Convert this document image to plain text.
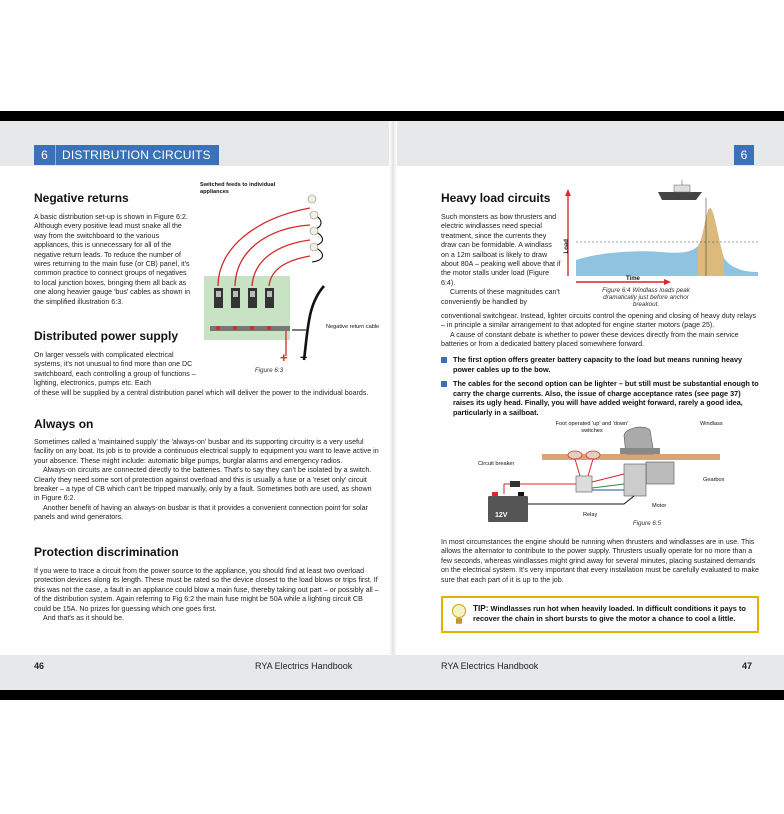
6	DISTRIBUTION CIRCUITS	6
Negative returns

A basic distribution set-up is shown in Figure 6:2. Although every positive lead must snake all the way from the switchboard to the various appliances, this is unnecessary for all of the negative return leads. To reduce the number of wires returning to the main fuse (or CB) panel, it's common practice to connect groups of negatives to local junction boxes, bringing them all back as one along heavier gauge 'bus' cables as shown in the simplified illustration 6:3.

Distributed power supply

On larger vessels with complicated electrical systems, it's not unusual to find more than one DC switchboard, each controlling a group of functions – lighting, electronics, pumps etc. Each

of these will be supplied by a central distribution panel which will deliver the power to the individual boards.

Always on

Sometimes called a 'maintained supply' the 'always-on' busbar and its supporting circuitry is a very useful facility on any boat. Its job is to provide a continuous electrical supply to equipment you want to leave active in your absence. These might include: automatic bilge pumps, burglar alarms and emergency radios.

Always-on circuits are connected directly to the batteries. That's to say they can't be isolated by a switch. Clearly they need some sort of protection against overload and this is usually a fuse or a 'reset only' circuit breaker – a type of CB which can't be tripped manually, only by a fault. Sometimes both are used, as shown in Figure 6:2.

Another benefit of having an always-on busbar is that it provides a convenient connection point for solar panels and wind generators.

Protection discrimination

If you were to trace a circuit from the power source to the appliance, you should find at least two overload protection devices along its length. These must be rated so the device closest to the load blows or trips first. If this was not the case, a fault in an appliance could blow a main fuse, thereby taking out part – or possibly all – of the distribution system. Again referring to Fig 6:2 the main fuse might be 50A while a lighting circuit CB could be 15A. No prizes for guessing which one goes first.

And that's as it should be.

Switched feeds to individual appliances
Negative return cable
+ –
Figure 6:3
Heavy load circuits

Such monsters as bow thrusters and electric windlasses need special treatment, since the currents they draw can be formidable. A windlass on a 12m sailboat is likely to draw about 80A – peaking well above that if the motor stalls under load (Figure 6:4).

Currents of these magnitudes can't conveniently be handled by

conventional switchgear. Instead, lighter circuits control the opening and closing of heavy duty relays – in principle a similar arrangement to that adopted for engine starter motors (page 25).

A cause of constant debate is whether to power these devices directly from the main service batteries or from a dedicated battery placed somewhere forward.

The first option offers greater battery capacity to the load but means running heavy power cables up to the bow.
The cables for the second option can be lighter – but still must be substantial enough to carry the charge currents. Also, the issue of charge acceptance rates (see page 37) raises its ugly head. Finally, you will have added weight forward, rarely a good idea, particularly in a sailboat.
Load
Time
Figure 6:4 Windlass loads peak dramatically just before anchor breakout.
Foot operated 'up' and 'down' switches
Windlass
Circuit breaker
Gearbox
Motor
Relay
12V
Figure 6:5

In most circumstances the engine should be running when thrusters and windlasses are in use. This allows the alternator to contribute to the power supply. Thrusters usually operate for no more than a few seconds, whereas windlasses might grind away for several minutes, placing sustained demands on the electrical system. It's very important that every installation must be carefully evaluated to make sure that each part of it is up to the job.

TIP: Windlasses run hot when heavily loaded. In difficult conditions it pays to recover the chain in short bursts to give the motor a chance to cool a little.
46	RYA Electrics Handbook	RYA Electrics Handbook	47
